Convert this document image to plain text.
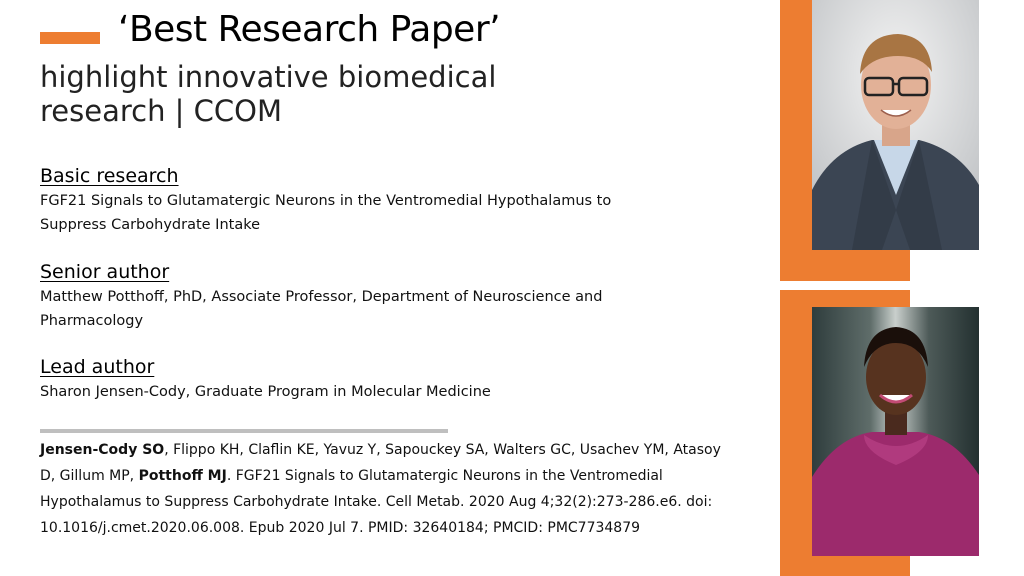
‘Best Research Paper’
highlight innovative biomedical research | CCOM
Basic research
FGF21 Signals to Glutamatergic Neurons in the Ventromedial Hypothalamus to Suppress Carbohydrate Intake
Senior author
Matthew Potthoff, PhD, Associate Professor, Department of Neuroscience and Pharmacology
Lead author
Sharon Jensen-Cody, Graduate Program in Molecular Medicine
Jensen-Cody SO, Flippo KH, Claflin KE, Yavuz Y, Sapouckey SA, Walters GC, Usachev YM, Atasoy D, Gillum MP, Potthoff MJ. FGF21 Signals to Glutamatergic Neurons in the Ventromedial Hypothalamus to Suppress Carbohydrate Intake. Cell Metab. 2020 Aug 4;32(2):273-286.e6. doi: 10.1016/j.cmet.2020.06.008. Epub 2020 Jul 7. PMID: 32640184; PMCID: PMC7734879
